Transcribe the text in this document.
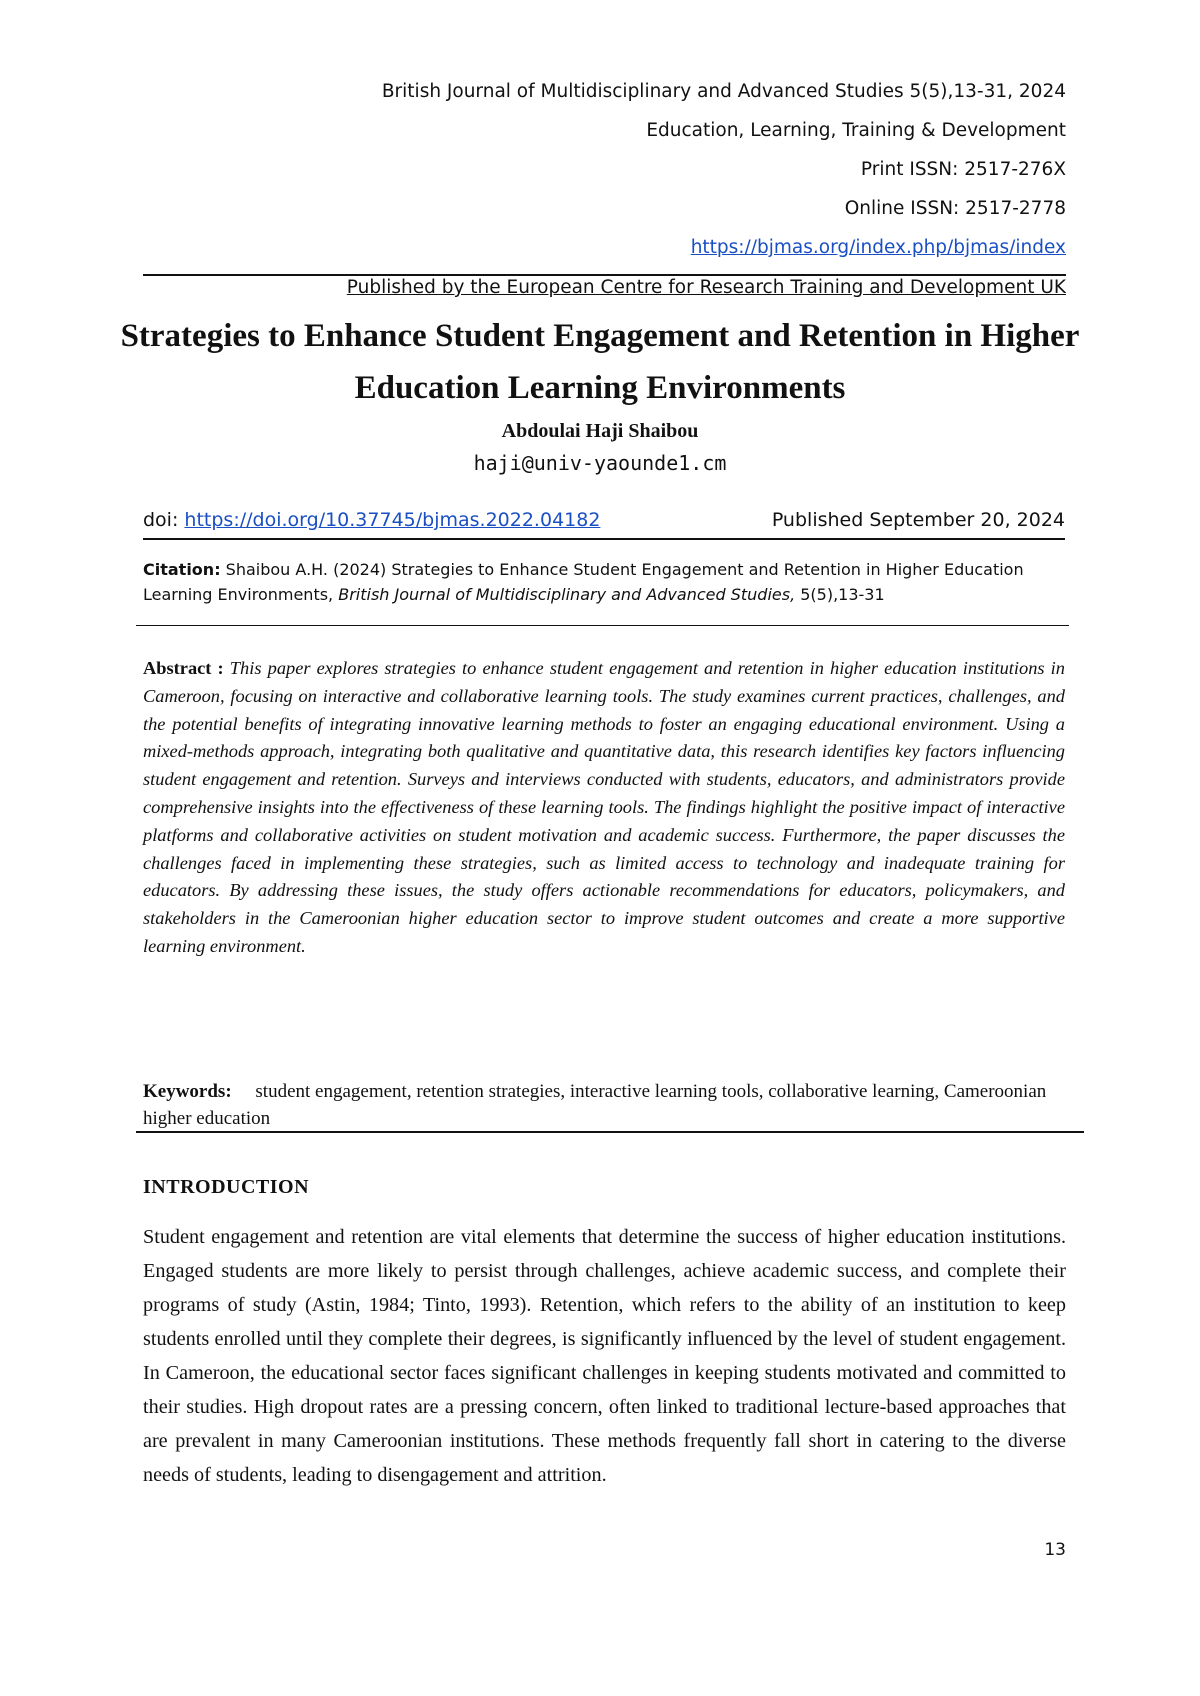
British Journal of Multidisciplinary and Advanced Studies 5(5),13-31, 2024
Education, Learning, Training & Development
Print ISSN: 2517-276X
Online ISSN: 2517-2778
https://bjmas.org/index.php/bjmas/index
Published by the European Centre for Research Training and Development UK
Strategies to Enhance Student Engagement and Retention in Higher Education Learning Environments
Abdoulai Haji Shaibou
haji@univ-yaounde1.cm
doi: https://doi.org/10.37745/bjmas.2022.04182	Published September 20, 2024
Citation: Shaibou A.H. (2024) Strategies to Enhance Student Engagement and Retention in Higher Education Learning Environments, British Journal of Multidisciplinary and Advanced Studies, 5(5),13-31
Abstract : This paper explores strategies to enhance student engagement and retention in higher education institutions in Cameroon, focusing on interactive and collaborative learning tools. The study examines current practices, challenges, and the potential benefits of integrating innovative learning methods to foster an engaging educational environment. Using a mixed-methods approach, integrating both qualitative and quantitative data, this research identifies key factors influencing student engagement and retention. Surveys and interviews conducted with students, educators, and administrators provide comprehensive insights into the effectiveness of these learning tools. The findings highlight the positive impact of interactive platforms and collaborative activities on student motivation and academic success. Furthermore, the paper discusses the challenges faced in implementing these strategies, such as limited access to technology and inadequate training for educators. By addressing these issues, the study offers actionable recommendations for educators, policymakers, and stakeholders in the Cameroonian higher education sector to improve student outcomes and create a more supportive learning environment.
Keywords: student engagement, retention strategies, interactive learning tools, collaborative learning, Cameroonian higher education
INTRODUCTION
Student engagement and retention are vital elements that determine the success of higher education institutions. Engaged students are more likely to persist through challenges, achieve academic success, and complete their programs of study (Astin, 1984; Tinto, 1993). Retention, which refers to the ability of an institution to keep students enrolled until they complete their degrees, is significantly influenced by the level of student engagement. In Cameroon, the educational sector faces significant challenges in keeping students motivated and committed to their studies. High dropout rates are a pressing concern, often linked to traditional lecture-based approaches that are prevalent in many Cameroonian institutions. These methods frequently fall short in catering to the diverse needs of students, leading to disengagement and attrition.
13
